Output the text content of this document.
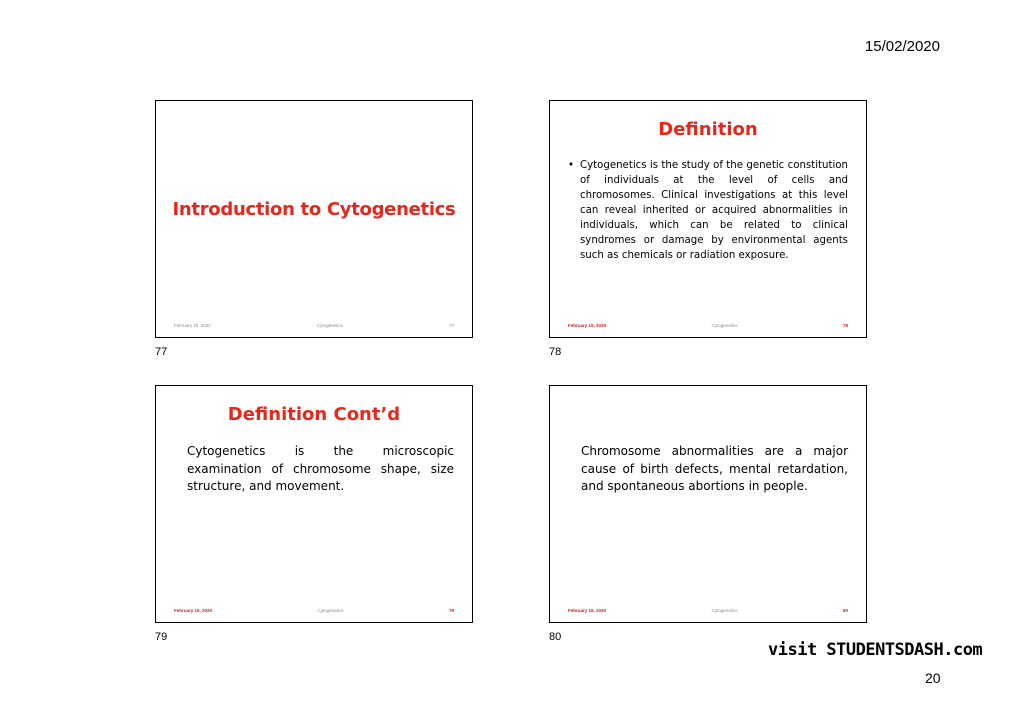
15/02/2020
Introduction to Cytogenetics
February 15, 2020	Cytogenetics	77
77
Definition
• Cytogenetics is the study of the genetic constitution of individuals at the level of cells and chromosomes. Clinical investigations at this level can reveal inherited or acquired abnormalities in individuals, which can be related to clinical syndromes or damage by environmental agents such as chemicals or radiation exposure.
February 15, 2020	Cytogenetics	78
78
Definition Cont’d
Cytogenetics is the microscopic examination of chromosome shape, size structure, and movement.
February 15, 2020	Cytogenetics	79
79
Chromosome abnormalities are a major cause of birth defects, mental retardation, and spontaneous abortions in people.
February 15, 2020	Cytogenetics	80
80
visit STUDENTSDASH.com
20
